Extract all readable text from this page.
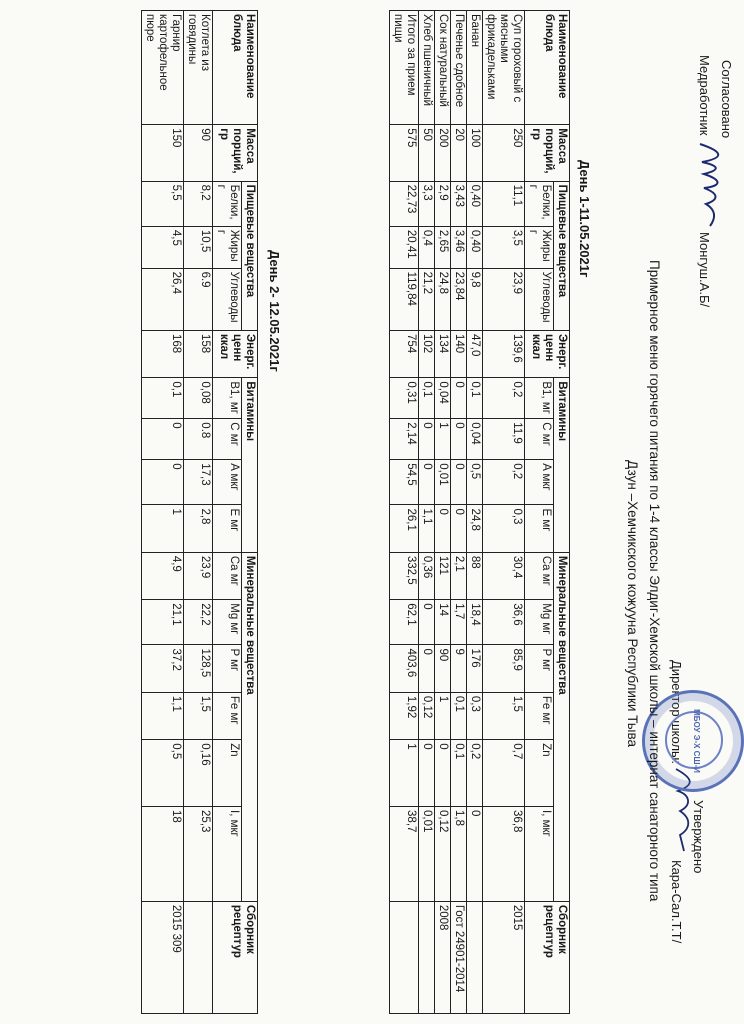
Согласовано
Медработник
Монгуш.А.Б/
Утверждено
Директор школы:
Кара-Сал.Т.Т/
МБОУ Э-Х СШ-И
Примерное меню горячего питания по 1-4 классы Элдиг-Хемской школы – интернат санаторного типа
Дзун –Хемчикского кожууна Республики Тыва
День 1-11.05.2021г
Наименование блюда	Масса порций, гр	Пищевые вещества			Энерг. ценн ккал	Витамины				Минеральные вещества						Сборник рецептур
		Белки, г	Жиры г	Углеводы		B1, мг	C мг	A мкг	E мг	Ca мг	Mg мг	P мг	Fe мг	Zn	I, мкг	
Суп гороховый с мясными фрикадельками	250	11,1	3,5	23,9	139,6	0,2	11,9	0,2	0,3	30,4	36,6	85,9	1,5	0,7	36,8	2015
Банан	100	0,40	0,40	9,8	47,0	0,1	0,04	0,5	24,8	88	18,4	176	0,3	0,2	0	
Печенье сдобное	20	3,43	3,46	23,84	140	0	0	0	0	2,1	1,7	9	0,1	0,1	1,8	Гост 24901-2014
Сок натуральный	200	2,9	2,65	24,8	134	0,04	1	0,01	0	121	14	90	1	0	0,12	2008
Хлеб пшеничный	50	3,3	0,4	21,2	102	0,1	0	0	1,1	0,36	0	0	0,12	0	0,01	
Итого за прием пищи	575	22,73	20,41	119,84	754	0,31	2,14	54,5	26,1	332,5	62,1	403,6	1,92	1	38,7	
День 2- 12.05.2021г
Наименование блюда	Масса порций, гр	Пищевые вещества			Энерг. ценн ккал	Витамины				Минеральные вещества						Сборник рецептур
		Белки, г	Жиры г	Углеводы		B1, мг	C мг	A мкг	E мг	Ca мг	Mg мг	P мг	Fe мг	Zn	I, мкг	
Котлета из говядины	90	8,2	10,5	6.9	158	0,08	0.8	17,3	2,8	23,9	22,2	128,5	1,5	0,16	25,3	
Гарнир картофельное пюре	150	5,5	4,5	26,4	168	0,1	0	0	1	4,9	21,1	37,2	1,1	0,5	18	2015 309
